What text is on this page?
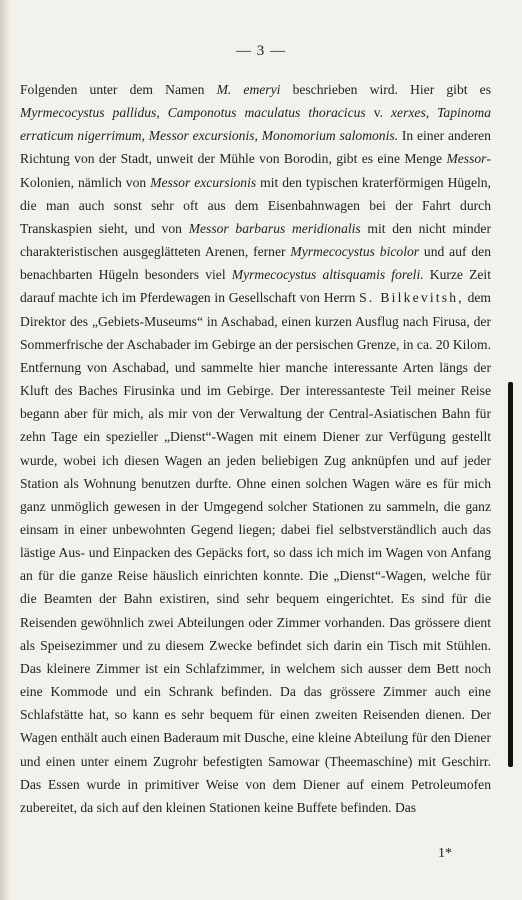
— 3 —

Folgenden unter dem Namen M. emeryi beschrieben wird. Hier gibt es Myrmecocystus pallidus, Camponotus maculatus thoracicus v. xerxes, Tapinoma erraticum nigerrimum, Messor excursionis, Monomorium salomonis. In einer anderen Richtung von der Stadt, unweit der Mühle von Borodin, gibt es eine Menge Messor-Kolonien, nämlich von Messor excursionis mit den typischen kraterförmigen Hügeln, die man auch sonst sehr oft aus dem Eisenbahnwagen bei der Fahrt durch Transkaspien sieht, und von Messor barbarus meridionalis mit den nicht minder charakteristischen ausgeglätteten Arenen, ferner Myrmecocystus bicolor und auf den benachbarten Hügeln besonders viel Myrmecocystus altisquamis foreli. Kurze Zeit darauf machte ich im Pferdewagen in Gesellschaft von Herrn S. Bilkevitsh, dem Direktor des „Gebiets-Museums“ in Aschabad, einen kurzen Ausflug nach Firusa, der Sommerfrische der Aschabader im Gebirge an der persischen Grenze, in ca. 20 Kilom. Entfernung von Aschabad, und sammelte hier manche interessante Arten längs der Kluft des Baches Firusinka und im Gebirge. Der interessanteste Teil meiner Reise begann aber für mich, als mir von der Verwaltung der Central-Asiatischen Bahn für zehn Tage ein spezieller „Dienst“-Wagen mit einem Diener zur Verfügung gestellt wurde, wobei ich diesen Wagen an jeden beliebigen Zug anknüpfen und auf jeder Station als Wohnung benutzen durfte. Ohne einen solchen Wagen wäre es für mich ganz unmöglich gewesen in der Umgegend solcher Stationen zu sammeln, die ganz einsam in einer unbewohnten Gegend liegen; dabei fiel selbstverständlich auch das lästige Aus- und Einpacken des Gepäcks fort, so dass ich mich im Wagen von Anfang an für die ganze Reise häuslich einrichten konnte. Die „Dienst“-Wagen, welche für die Beamten der Bahn existiren, sind sehr bequem eingerichtet. Es sind für die Reisenden gewöhnlich zwei Abteilungen oder Zimmer vorhanden. Das grössere dient als Speisezimmer und zu diesem Zwecke befindet sich darin ein Tisch mit Stühlen. Das kleinere Zimmer ist ein Schlafzimmer, in welchem sich ausser dem Bett noch eine Kommode und ein Schrank befinden. Da das grössere Zimmer auch eine Schlafstätte hat, so kann es sehr bequem für einen zweiten Reisenden dienen. Der Wagen enthält auch einen Baderaum mit Dusche, eine kleine Abteilung für den Diener und einen unter einem Zugrohr befestigten Samowar (Theemaschine) mit Geschirr. Das Essen wurde in primitiver Weise von dem Diener auf einem Petroleumofen zubereitet, da sich auf den kleinen Stationen keine Buffete befinden. Das

1*
